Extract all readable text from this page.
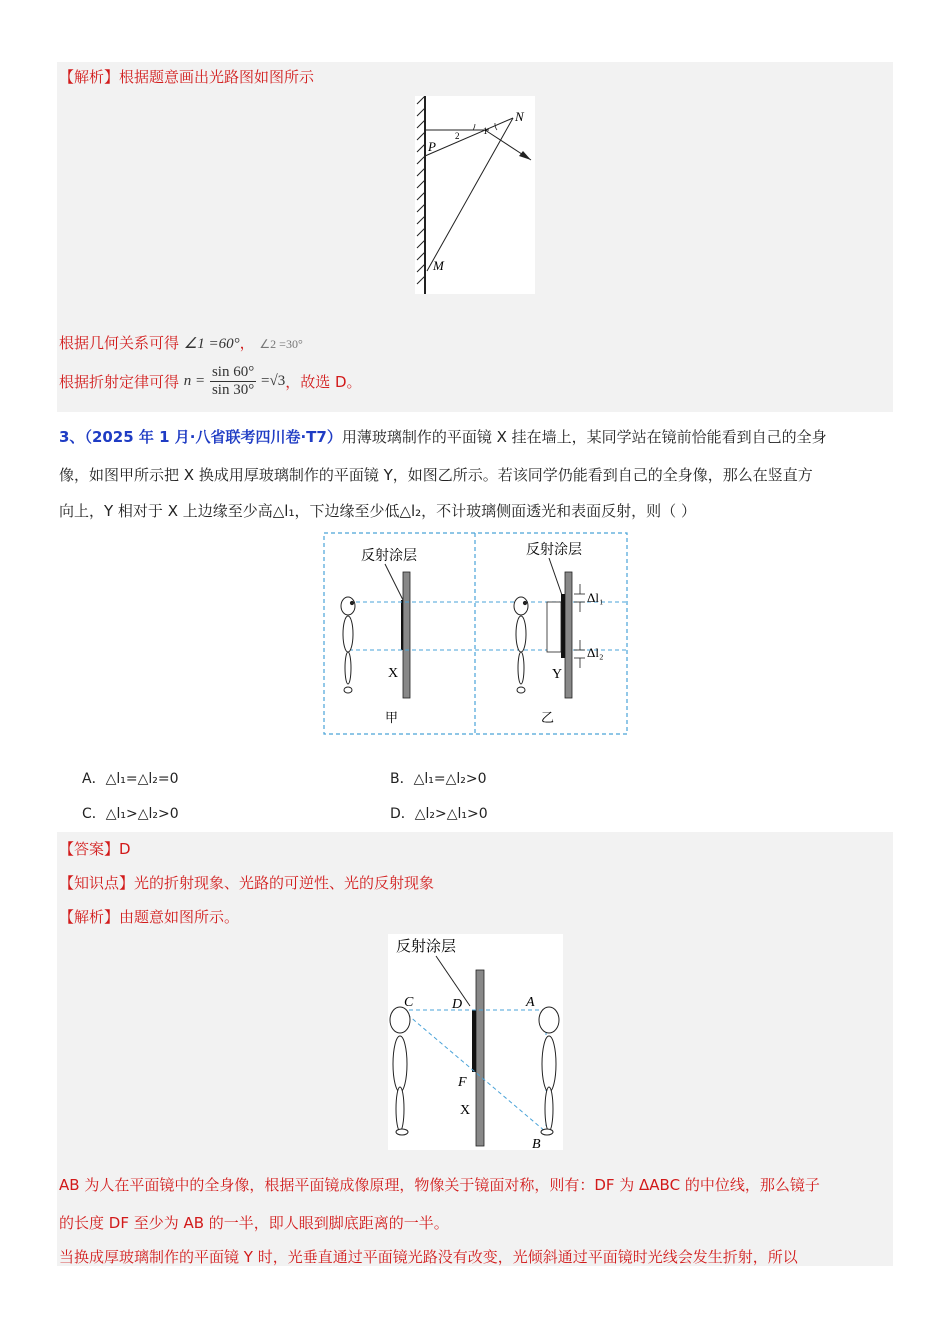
【解析】根据题意画出光路图如图所示
2	1
N
P
M
根据几何关系可得 ∠1 =60°， ∠2 =30°
根据折射定律可得 $n = \frac{\sin 60^\circ}{\sin 30^\circ} =√3$，故选 D。
3、（2025 年 1 月·八省联考四川卷·T7）用薄玻璃制作的平面镜 X 挂在墙上，某同学站在镜前恰能看到自己的全身
像，如图甲所示把 X 换成用厚玻璃制作的平面镜 Y，如图乙所示。若该同学仍能看到自己的全身像，那么在竖直方
向上，Y 相对于 X 上边缘至少高△l₁，下边缘至少低△l₂，不计玻璃侧面透光和表面反射，则（ ）
反射涂层
X
甲
反射涂层
Y
Δl₁
Δl₂
乙
A．△l₁=△l₂=0	B．△l₁=△l₂>0
C．△l₁>△l₂>0	D．△l₂>△l₁>0
【答案】D
【知识点】光的折射现象、光路的可逆性、光的反射现象
【解析】由题意如图所示。
反射涂层
C	D	A
F
X
B
AB 为人在平面镜中的全身像，根据平面镜成像原理，物像关于镜面对称，则有：DF 为 ΔABC 的中位线，那么镜子
的长度 DF 至少为 AB 的一半，即人眼到脚底距离的一半。
当换成厚玻璃制作的平面镜 Y 时，光垂直通过平面镜光路没有改变，光倾斜通过平面镜时光线会发生折射，所以
